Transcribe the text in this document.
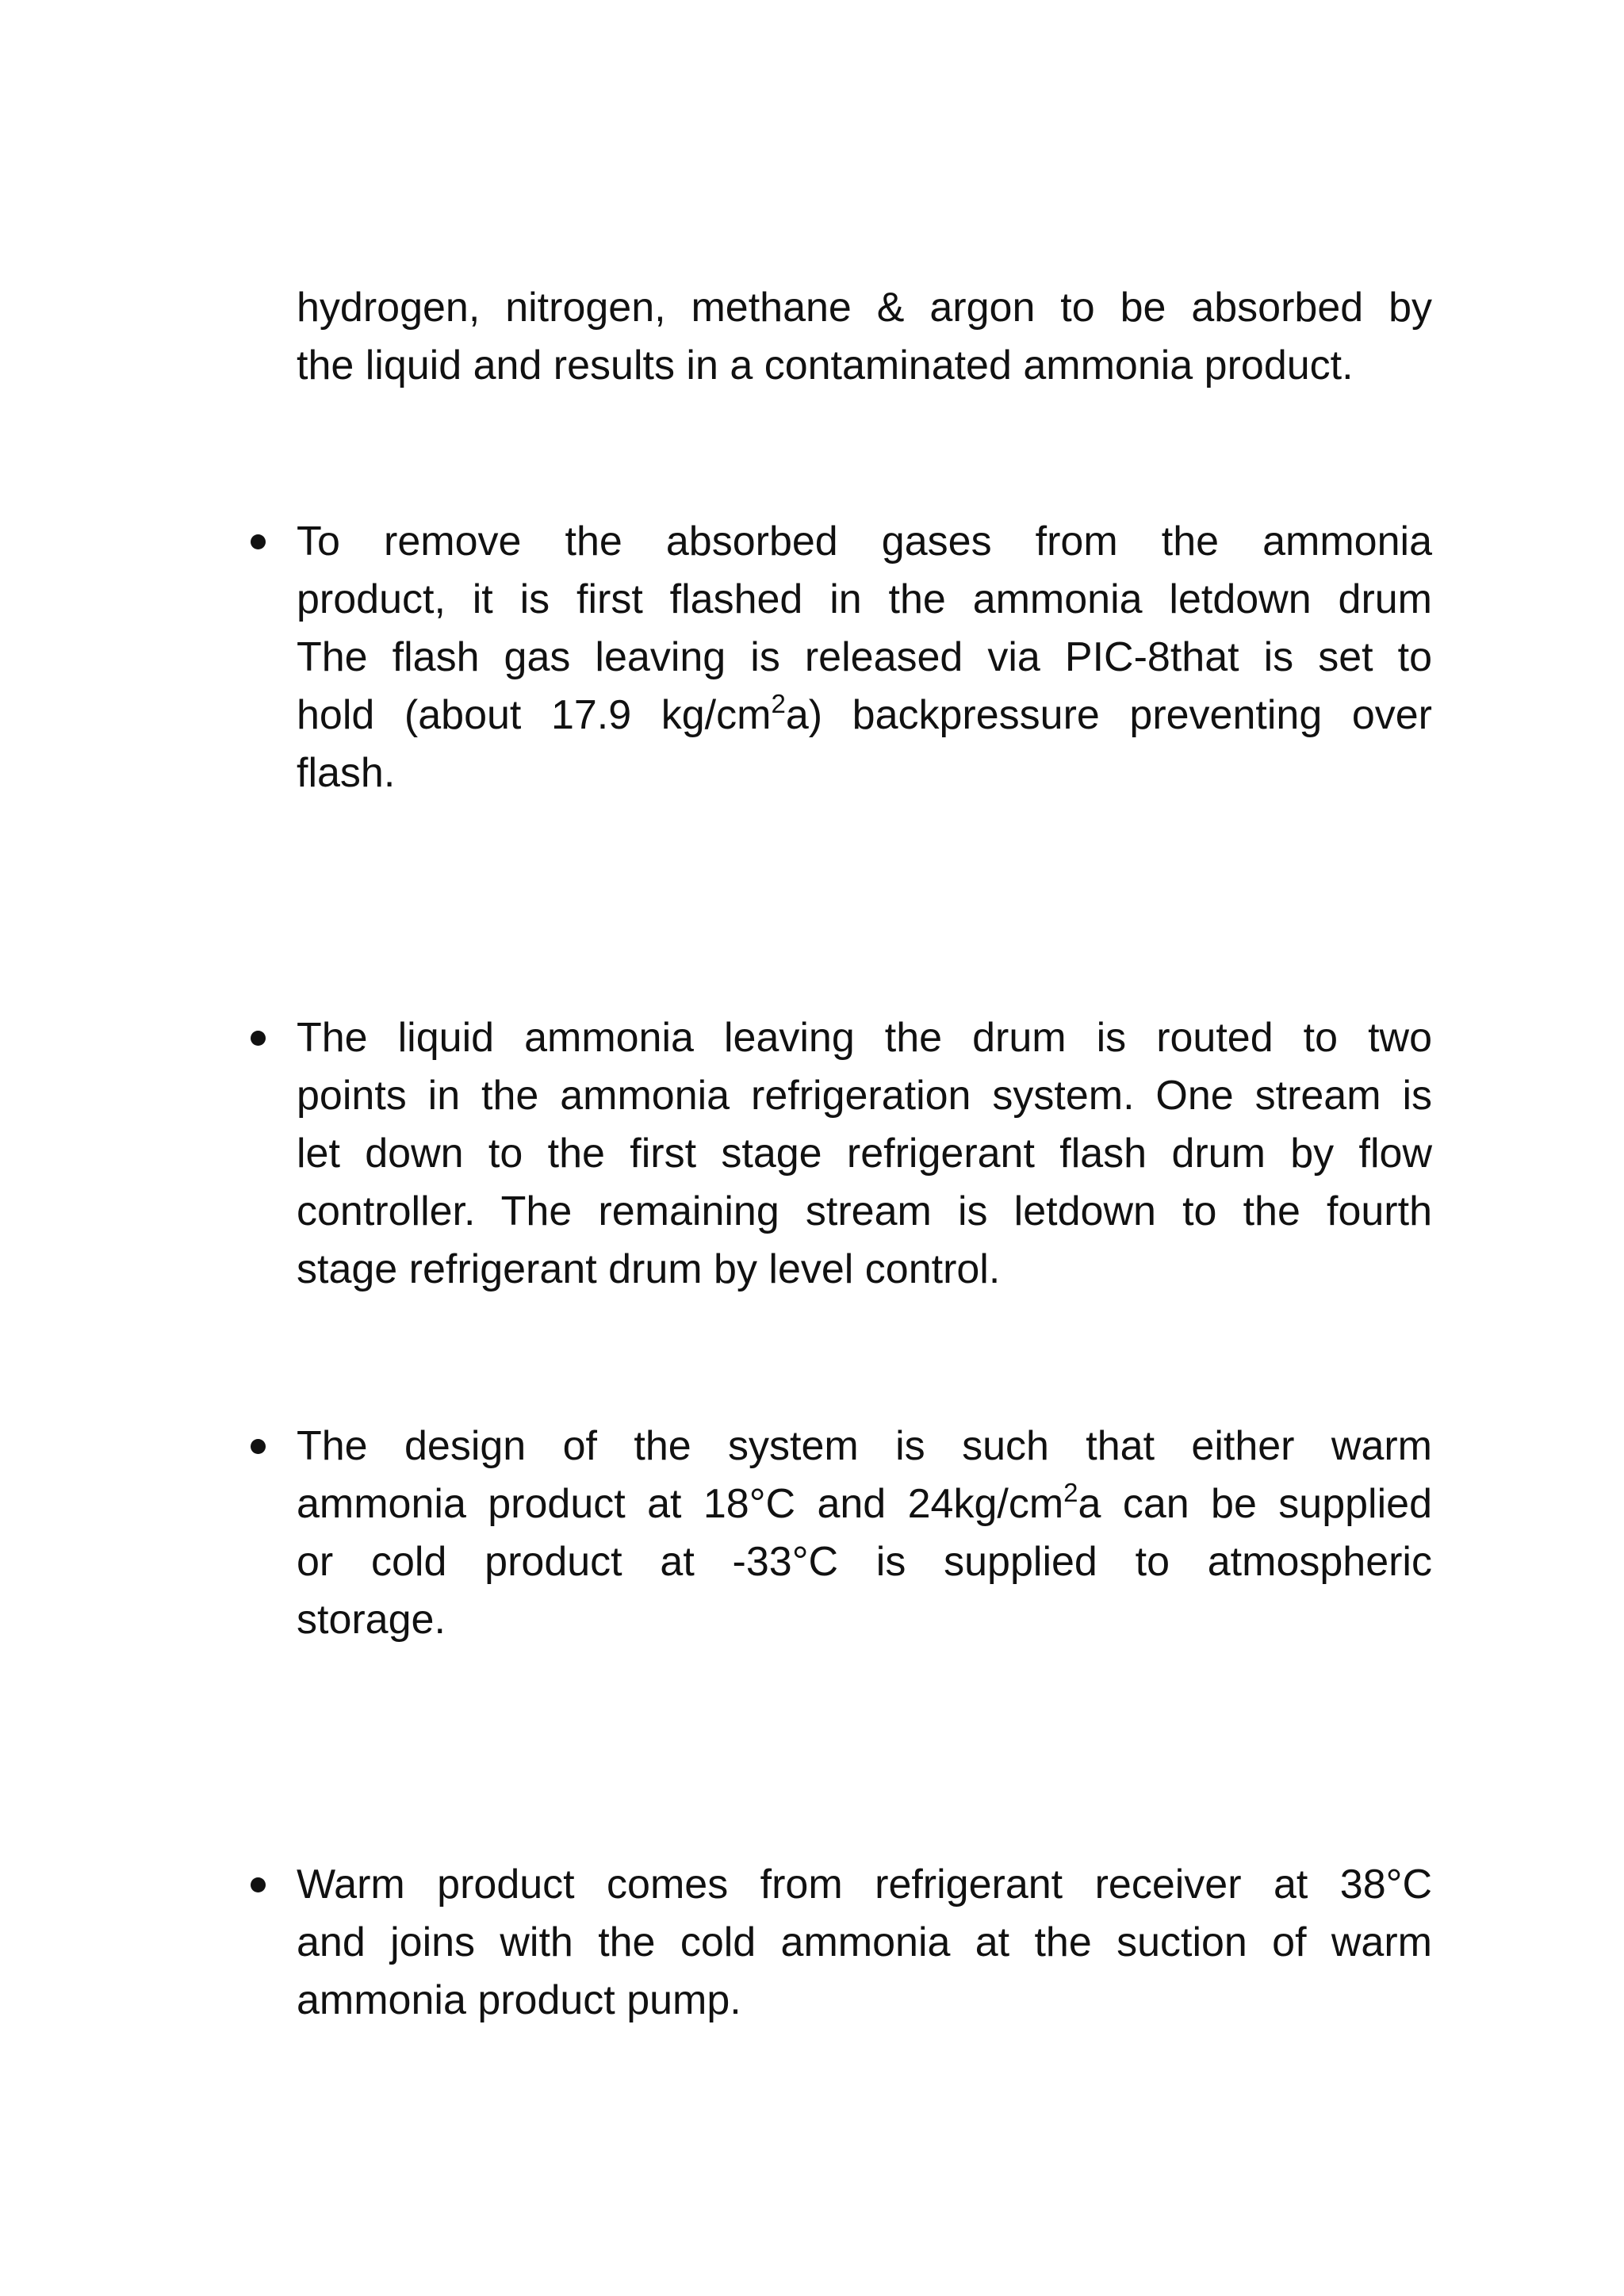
hydrogen, nitrogen, methane & argon to be absorbed by
the liquid and results in a contaminated ammonia product.

To remove the absorbed gases from the ammonia
product, it is first flashed in the ammonia letdown drum
The flash gas leaving is released via PIC-8that is set to
hold (about 17.9 $kg/cm^2a$) backpressure preventing over
flash.

The liquid ammonia leaving the drum is routed to two
points in the ammonia refrigeration system. One stream is
let down to the first stage refrigerant flash drum by flow
controller. The remaining stream is letdown to the fourth
stage refrigerant drum by level control.

The design of the system is such that either warm
ammonia product at 18°C and $24kg/cm^2a$ can be supplied
or cold product at -33°C is supplied to atmospheric
storage.

Warm product comes from refrigerant receiver at 38°C
and joins with the cold ammonia at the suction of warm
ammonia product pump.
